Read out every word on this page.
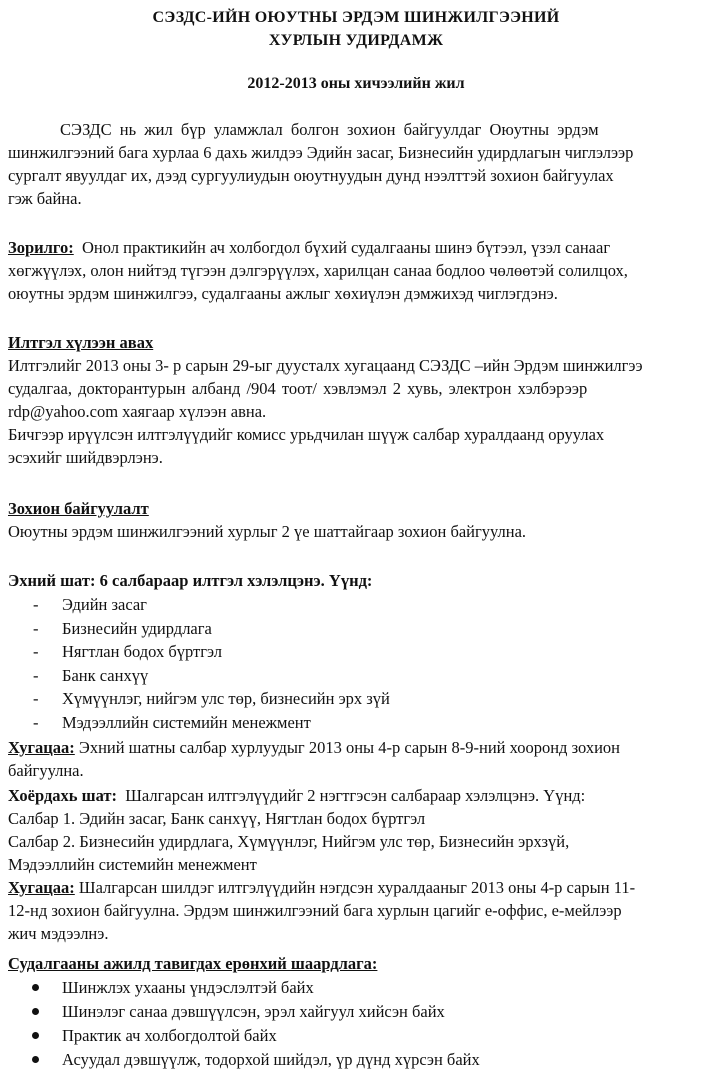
СЭЗДС-ИЙН ОЮУТНЫ ЭРДЭМ ШИНЖИЛГЭЭНИЙ
ХУРЛЫН УДИРДАМЖ
2012-2013 оны хичээлийн жил
СЭЗДС нь жил бүр уламжлал болгон зохион байгуулдаг Оюутны эрдэм
шинжилгээний бага хурлаа 6 дахь жилдээ Эдийн засаг, Бизнесийн удирдлагын чиглэлээр
сургалт явуулдаг их, дээд сургуулиудын оюутнуудын дунд нээлттэй зохион байгуулах
гэж байна.
Зорилго: Онол практикийн ач холбогдол бүхий судалгааны шинэ бүтээл, үзэл санааг
хөгжүүлэх, олон нийтэд түгээн дэлгэрүүлэх, харилцан санаа бодлоо чөлөөтэй солилцох,
оюутны эрдэм шинжилгээ, судалгааны ажлыг хөхиүлэн дэмжихэд чиглэгдэнэ.
Илтгэл хүлээн авах
Илтгэлийг 2013 оны 3- р сарын 29-ыг дуусталх хугацаанд СЭЗДС –ийн Эрдэм шинжилгээ
судалгаа, докторантурын албанд /904 тоот/ хэвлэмэл 2 хувь, электрон хэлбэрээр
rdp@yahoo.com хаягаар хүлээн авна.
Бичгээр ирүүлсэн илтгэлүүдийг комисс урьдчилан шүүж салбар хуралдаанд оруулах
эсэхийг шийдвэрлэнэ.
Зохион байгуулалт
Оюутны эрдэм шинжилгээний хурлыг 2 үе шаттайгаар зохион байгуулна.
Эхний шат: 6 салбараар илтгэл хэлэлцэнэ. Үүнд:
- Эдийн засаг
- Бизнесийн удирдлага
- Нягтлан бодох бүртгэл
- Банк санхүү
- Хүмүүнлэг, нийгэм улс төр, бизнесийн эрх зүй
- Мэдээллийн системийн менежмент
Хугацаа: Эхний шатны салбар хурлуудыг 2013 оны 4-р сарын 8-9-ний хооронд зохион
байгуулна.
Хоёрдахь шат: Шалгарсан илтгэлүүдийг 2 нэгтгэсэн салбараар хэлэлцэнэ. Үүнд:
Салбар 1. Эдийн засаг, Банк санхүү, Нягтлан бодох бүртгэл
Салбар 2. Бизнесийн удирдлага, Хүмүүнлэг, Нийгэм улс төр, Бизнесийн эрхзүй,
Мэдээллийн системийн менежмент
Хугацаа: Шалгарсан шилдэг илтгэлүүдийн нэгдсэн хуралдааныг 2013 оны 4-р сарын 11-
12-нд зохион байгуулна. Эрдэм шинжилгээний бага хурлын цагийг е-оффис, е-мейлээр
жич мэдээлнэ.
Судалгааны ажилд тавигдах ерөнхий шаардлага:
Шинжлэх ухааны үндэслэлтэй байх
Шинэлэг санаа дэвшүүлсэн, эрэл хайгуул хийсэн байх
Практик ач холбогдолтой байх
Асуудал дэвшүүлж, тодорхой шийдэл, үр дүнд хүрсэн байх
